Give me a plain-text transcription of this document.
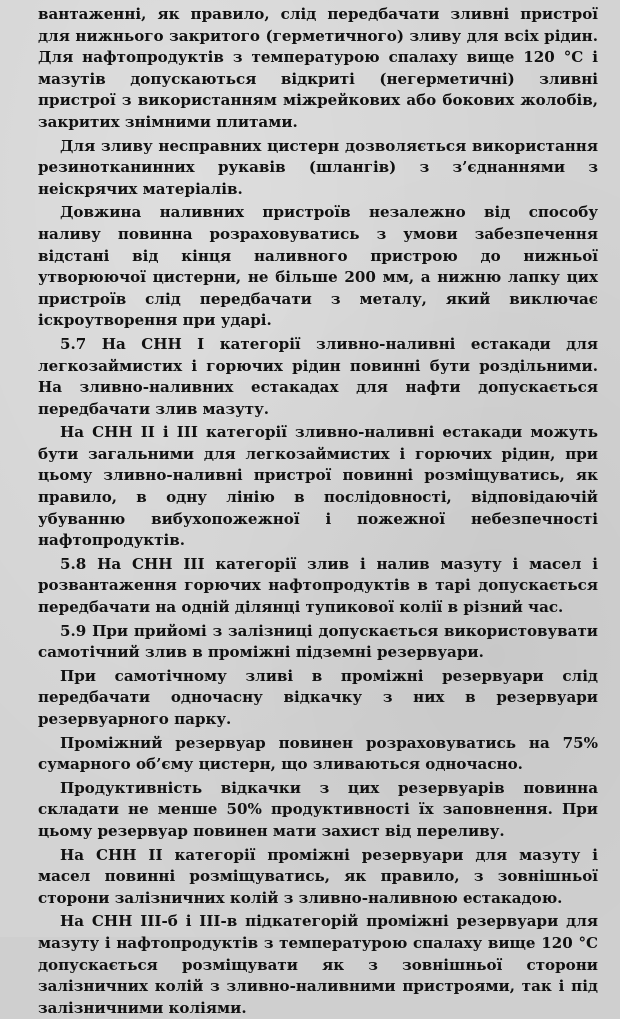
вантаженні, як правило, слід передбачати зливні пристрої для нижнього закритого (герметичного) зливу для всіх рідин. Для нафтопродуктів з температурою спалаху вище 120 °C і мазутів допускаються відкриті (негерметичні) зливні пристрої з використанням міжрейкових або бокових жолобів, закритих знімними плитами.

Для зливу несправних цистерн дозволяється використання резинотканинних рукавів (шлангів) з з’єднаннями з неіскрячих матеріалів.

Довжина наливних пристроїв незалежно від способу наливу повинна розраховуватись з умови забезпечення відстані від кінця наливного пристрою до нижньої утворюючої цистерни, не більше 200 мм, а нижню лапку цих пристроїв слід передбачати з металу, який виключає іскроутворення при ударі.

5.7 На СНН І категорії зливно-наливні естакади для легкозаймистих і горючих рідин повинні бути роздільними. На зливно-наливних естакадах для нафти допускається передбачати злив мазуту.

На СНН ІІ і ІІІ категорії зливно-наливні естакади можуть бути загальними для легкозаймистих і горючих рідин, при цьому зливно-наливні пристрої повинні розміщуватись, як правило, в одну лінію в послідовності, відповідаючій убуванню вибухопожежної і пожежної небезпечності нафтопродуктів.

5.8 На СНН ІІІ категорії злив і налив мазуту і масел і розвантаження горючих нафтопродуктів в тарі допускається передбачати на одній ділянці тупикової колії в різний час.

5.9 При прийомі з залізниці допускається використовувати самотічний злив в проміжні підземні резервуари.

При самотічному зливі в проміжні резервуари слід передбачати одночасну відкачку з них в резервуари резервуарного парку.

Проміжний резервуар повинен розраховуватись на 75% сумарного об’єму цистерн, що зливаються одночасно.

Продуктивність відкачки з цих резервуарів повинна складати не менше 50% продуктивності їх заповнення. При цьому резервуар повинен мати захист від переливу.

На СНН ІІ категорії проміжні резервуари для мазуту і масел повинні розміщуватись, як правило, з зовнішньої сторони залізничних колій з зливно-наливною естакадою.

На СНН ІІІ-б і ІІІ-в підкатегорій проміжні резервуари для мазуту і нафтопродуктів з температурою спалаху вище 120 °C допускається розміщувати як з зовнішньої сторони залізничних колій з зливно-наливними пристроями, так і під залізничними коліями.
